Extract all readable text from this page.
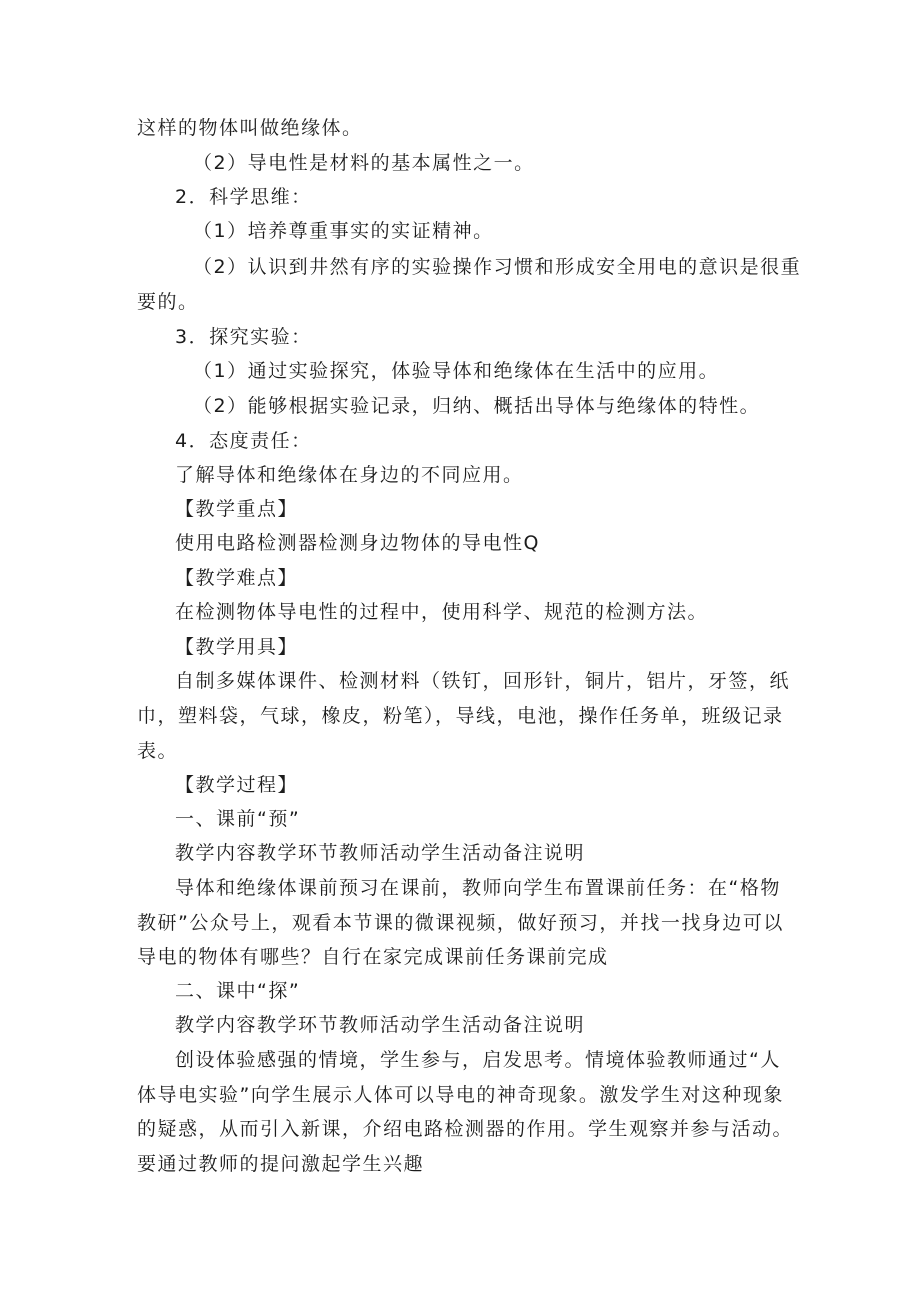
这样的物体叫做绝缘体。

（2）导电性是材料的基本属性之一。

2．科学思维：

（1）培养尊重事实的实证精神。

（2）认识到井然有序的实验操作习惯和形成安全用电的意识是很重

要的。

3．探究实验：

（1）通过实验探究，体验导体和绝缘体在生活中的应用。

（2）能够根据实验记录，归纳、概括出导体与绝缘体的特性。

4．态度责任：

了解导体和绝缘体在身边的不同应用。

【教学重点】

使用电路检测器检测身边物体的导电性Q

【教学难点】

在检测物体导电性的过程中，使用科学、规范的检测方法。

【教学用具】

自制多媒体课件、检测材料（铁钉，回形针，铜片，铝片，牙签，纸

巾，塑料袋，气球，橡皮，粉笔），导线，电池，操作任务单，班级记录

表。

【教学过程】

一、课前“预”

教学内容教学环节教师活动学生活动备注说明

导体和绝缘体课前预习在课前，教师向学生布置课前任务：在“格物

教研”公众号上，观看本节课的微课视频，做好预习，并找一找身边可以

导电的物体有哪些？自行在家完成课前任务课前完成

二、课中“探”

教学内容教学环节教师活动学生活动备注说明

创设体验感强的情境，学生参与，启发思考。情境体验教师通过“人

体导电实验”向学生展示人体可以导电的神奇现象。激发学生对这种现象

的疑惑，从而引入新课，介绍电路检测器的作用。学生观察并参与活动。

要通过教师的提问激起学生兴趣
